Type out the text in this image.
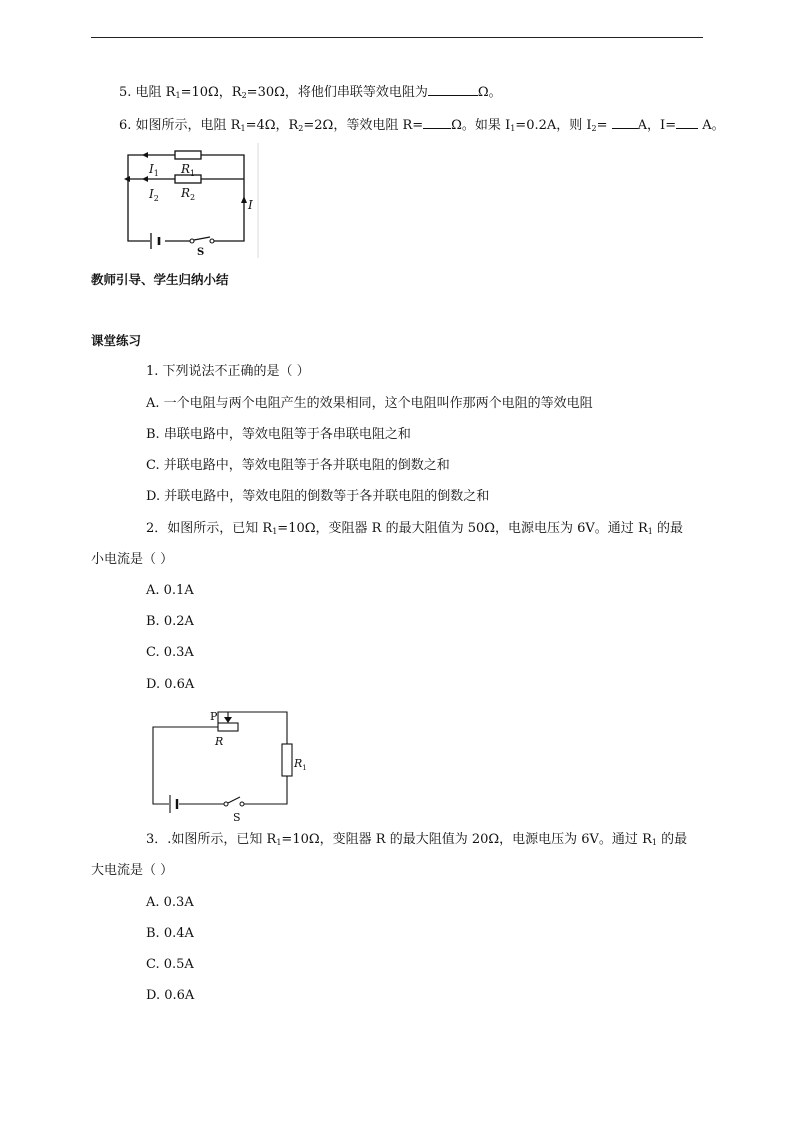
5. 电阻 $R_1=10\Omega$，$R_2=30\Omega$，将他们串联等效电阻为	Ω。
6. 如图所示，电阻 $R_1=4\Omega$，$R_2=2\Omega$，等效电阻 R= Ω。如果 $I_1=0.2A$，则 $I_2= A$，I= A。
$I_1$ $R_1$
$I_2$ $R_2$
I
S
教师引导、学生归纳小结
课堂练习
1. 下列说法不正确的是（ ）
A. 一个电阻与两个电阻产生的效果相同，这个电阻叫作那两个电阻的等效电阻
B. 串联电路中，等效电阻等于各串联电阻之和
C. 并联电路中，等效电阻等于各并联电阻的倒数之和
D. 并联电路中，等效电阻的倒数等于各并联电阻的倒数之和
2．如图所示，已知 $R_1=10\Omega$，变阻器 R 的最大阻值为 50Ω，电源电压为 6V。通过 $R_1$ 的最
小电流是（ ）
A. 0.1A
B. 0.2A
C. 0.3A
D. 0.6A
P
R
$R_1$
S
3．.如图所示，已知 $R_1=10\Omega$，变阻器 R 的最大阻值为 20Ω，电源电压为 6V。通过 $R_1$ 的最
大电流是（ ）
A. 0.3A
B. 0.4A
C. 0.5A
D. 0.6A
